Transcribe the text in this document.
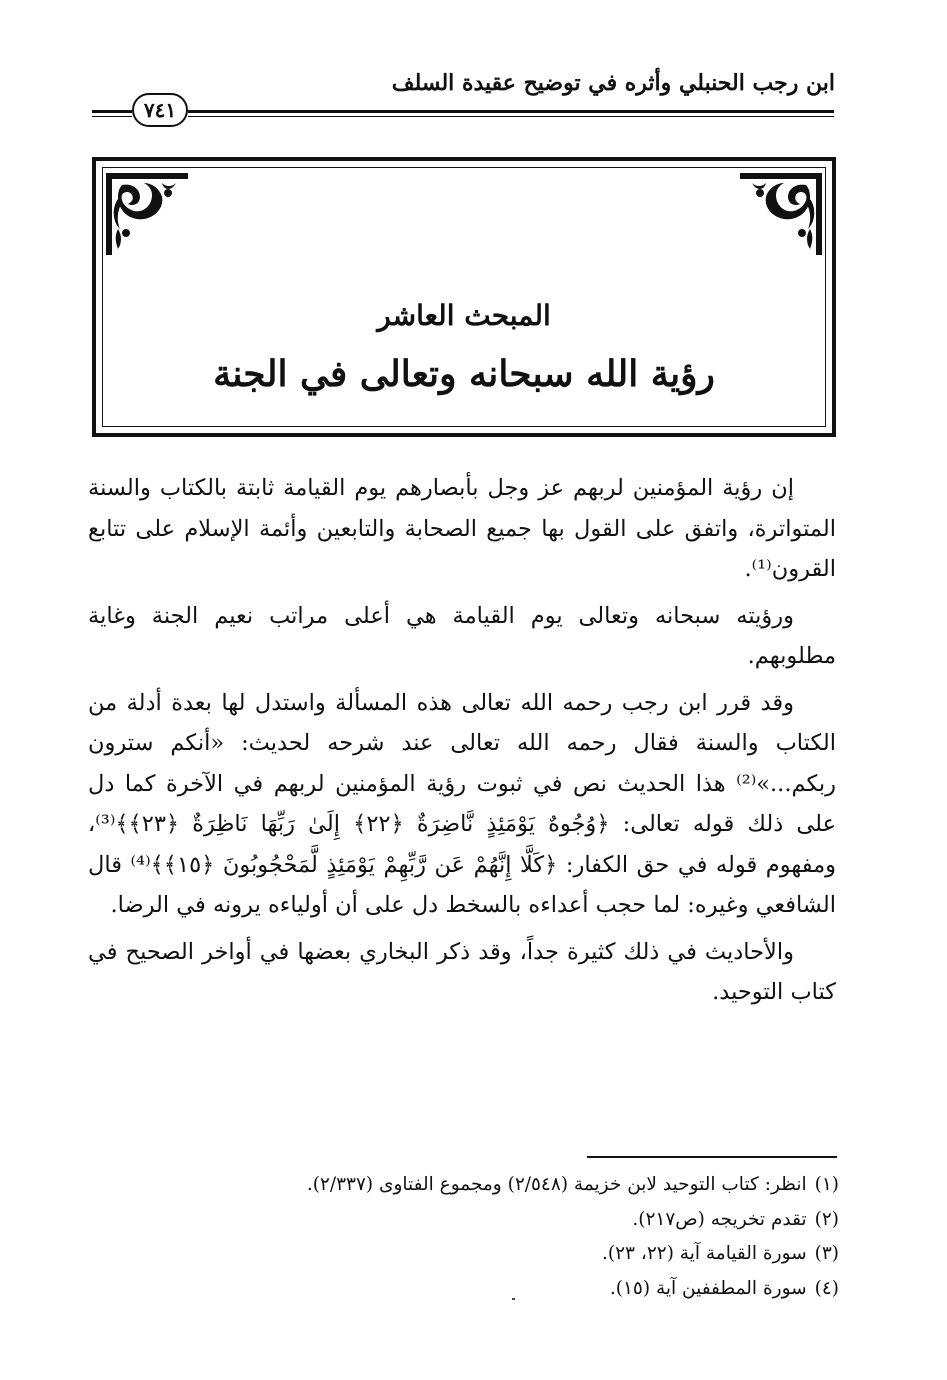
ابن رجب الحنبلي وأثره في توضيح عقيدة السلف
٧٤١
المبحث العاشر
رؤية الله سبحانه وتعالى في الجنة

إن رؤية المؤمنين لربهم عز وجل بأبصارهم يوم القيامة ثابتة بالكتاب والسنة المتواترة، واتفق على القول بها جميع الصحابة والتابعين وأئمة الإسلام على تتابع القرون⁽¹⁾.

ورؤيته سبحانه وتعالى يوم القيامة هي أعلى مراتب نعيم الجنة وغاية مطلوبهم.

وقد قرر ابن رجب رحمه الله تعالى هذه المسألة واستدل لها بعدة أدلة من الكتاب والسنة فقال رحمه الله تعالى عند شرحه لحديث: «أنكم سترون ربكم...»⁽²⁾ هذا الحديث نص في ثبوت رؤية المؤمنين لربهم في الآخرة كما دل على ذلك قوله تعالى: ﴿وُجُوهٌ يَوْمَئِذٍ نَّاضِرَةٌ ﴿٢٢﴾ إِلَىٰ رَبِّهَا نَاظِرَةٌ ﴿٢٣﴾﴾⁽³⁾، ومفهوم قوله في حق الكفار: ﴿كَلَّا إِنَّهُمْ عَن رَّبِّهِمْ يَوْمَئِذٍ لَّمَحْجُوبُونَ ﴿١٥﴾﴾⁽⁴⁾ قال الشافعي وغيره: لما حجب أعداءه بالسخط دل على أن أولياءه يرونه في الرضا.

والأحاديث في ذلك كثيرة جداً، وقد ذكر البخاري بعضها في أواخر الصحيح في كتاب التوحيد.

(١)انظر: كتاب التوحيد لابن خزيمة (٢/٥٤٨) ومجموع الفتاوى (٢/٣٣٧).
(٢)تقدم تخريجه (ص٢١٧).
(٣)سورة القيامة آية (٢٢، ٢٣).
(٤)سورة المطففين آية (١٥).
